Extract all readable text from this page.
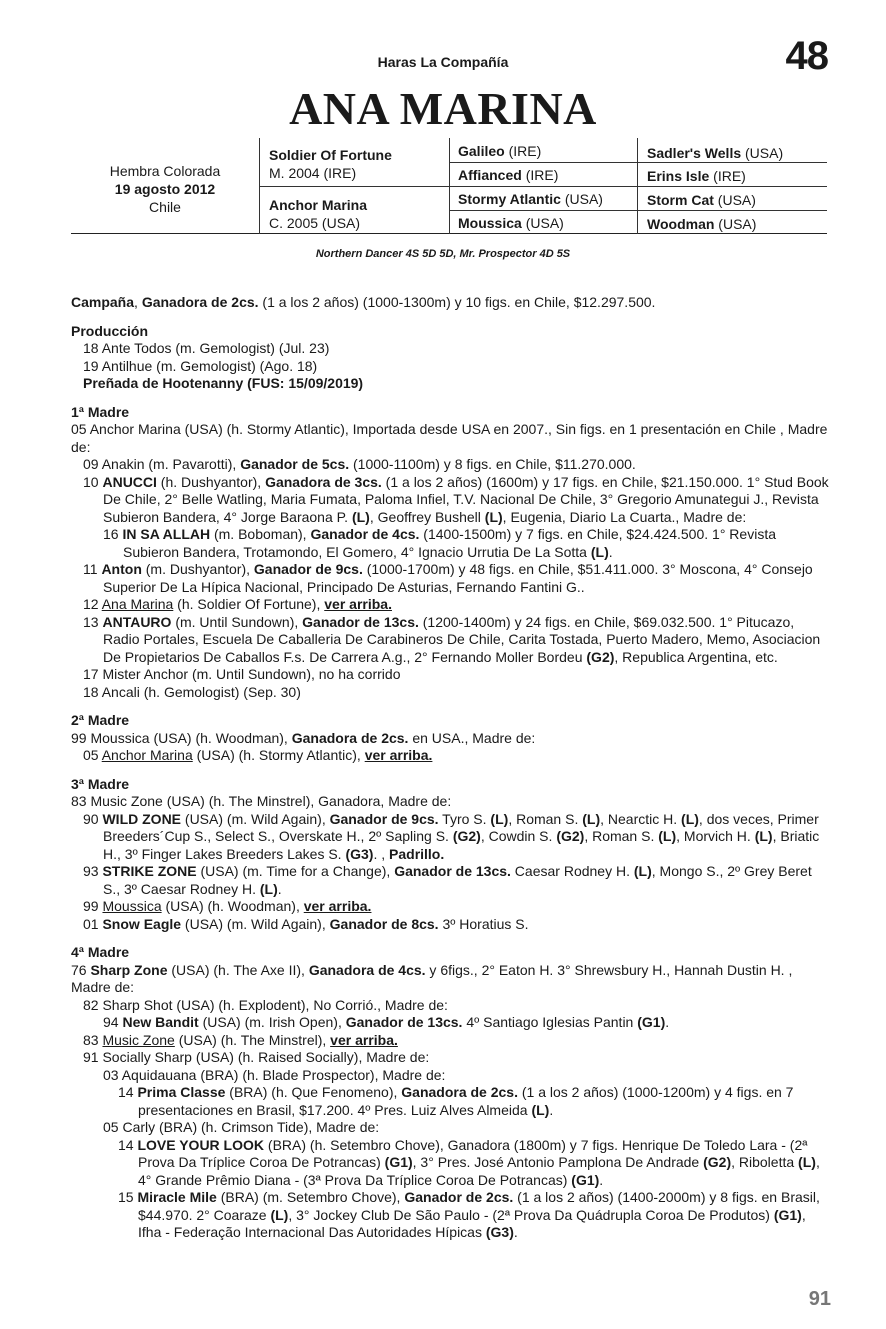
Haras La Compañía	48
ANA MARINA
Hembra Colorada
19 agosto 2012
Chile
Soldier Of Fortune
M. 2004 (IRE)
Anchor Marina
C. 2005 (USA)
Galileo (IRE)
Affianced (IRE)
Stormy Atlantic (USA)
Moussica (USA)
Sadler's Wells (USA)
Erins Isle (IRE)
Storm Cat (USA)
Woodman (USA)
Northern Dancer 4S 5D 5D, Mr. Prospector 4D 5S

Campaña, Ganadora de 2cs. (1 a los 2 años) (1000-1300m) y 10 figs. en Chile, $12.297.500.

Producción

18 Ante Todos (m. Gemologist) (Jul. 23)

19 Antilhue (m. Gemologist) (Ago. 18)

Preñada de Hootenanny (FUS: 15/09/2019)

1ª Madre

05 Anchor Marina (USA) (h. Stormy Atlantic), Importada desde USA en 2007., Sin figs. en 1 presentación en Chile , Madre de:

09 Anakin (m. Pavarotti), Ganador de 5cs. (1000-1100m) y 8 figs. en Chile, $11.270.000.

10 ANUCCI (h. Dushyantor), Ganadora de 3cs. (1 a los 2 años) (1600m) y 17 figs. en Chile, $21.150.000. 1° Stud Book De Chile, 2° Belle Watling, Maria Fumata, Paloma Infiel, T.V. Nacional De Chile, 3° Gregorio Amunategui J., Revista Subieron Bandera, 4° Jorge Baraona P. (L), Geoffrey Bushell (L), Eugenia, Diario La Cuarta., Madre de:

16 IN SA ALLAH (m. Boboman), Ganador de 4cs. (1400-1500m) y 7 figs. en Chile, $24.424.500. 1° Revista Subieron Bandera, Trotamondo, El Gomero, 4° Ignacio Urrutia De La Sotta (L).

11 Anton (m. Dushyantor), Ganador de 9cs. (1000-1700m) y 48 figs. en Chile, $51.411.000. 3° Moscona, 4° Consejo Superior De La Hípica Nacional, Principado De Asturias, Fernando Fantini G..

12 Ana Marina (h. Soldier Of Fortune), ver arriba.

13 ANTAURO (m. Until Sundown), Ganador de 13cs. (1200-1400m) y 24 figs. en Chile, $69.032.500. 1° Pitucazo, Radio Portales, Escuela De Caballeria De Carabineros De Chile, Carita Tostada, Puerto Madero, Memo, Asociacion De Propietarios De Caballos F.s. De Carrera A.g., 2° Fernando Moller Bordeu (G2), Republica Argentina, etc.

17 Mister Anchor (m. Until Sundown), no ha corrido

18 Ancali (h. Gemologist) (Sep. 30)

2ª Madre

99 Moussica (USA) (h. Woodman), Ganadora de 2cs. en USA., Madre de:

05 Anchor Marina (USA) (h. Stormy Atlantic), ver arriba.

3ª Madre

83 Music Zone (USA) (h. The Minstrel), Ganadora, Madre de:

90 WILD ZONE (USA) (m. Wild Again), Ganador de 9cs. Tyro S. (L), Roman S. (L), Nearctic H. (L), dos veces, Primer Breeders´Cup S., Select S., Overskate H., 2º Sapling S. (G2), Cowdin S. (G2), Roman S. (L), Morvich H. (L), Briatic H., 3º Finger Lakes Breeders Lakes S. (G3). , Padrillo.

93 STRIKE ZONE (USA) (m. Time for a Change), Ganador de 13cs. Caesar Rodney H. (L), Mongo S., 2º Grey Beret S., 3º Caesar Rodney H. (L).

99 Moussica (USA) (h. Woodman), ver arriba.

01 Snow Eagle (USA) (m. Wild Again), Ganador de 8cs. 3º Horatius S.

4ª Madre

76 Sharp Zone (USA) (h. The Axe II), Ganadora de 4cs. y 6figs., 2° Eaton H. 3° Shrewsbury H., Hannah Dustin H. , Madre de:

82 Sharp Shot (USA) (h. Explodent), No Corrió., Madre de:

94 New Bandit (USA) (m. Irish Open), Ganador de 13cs. 4º Santiago Iglesias Pantin (G1).

83 Music Zone (USA) (h. The Minstrel), ver arriba.

91 Socially Sharp (USA) (h. Raised Socially), Madre de:

03 Aquidauana (BRA) (h. Blade Prospector), Madre de:

14 Prima Classe (BRA) (h. Que Fenomeno), Ganadora de 2cs. (1 a los 2 años) (1000-1200m) y 4 figs. en 7 presentaciones en Brasil, $17.200. 4º Pres. Luiz Alves Almeida (L).

05 Carly (BRA) (h. Crimson Tide), Madre de:

14 LOVE YOUR LOOK (BRA) (h. Setembro Chove), Ganadora (1800m) y 7 figs. Henrique De Toledo Lara - (2ª Prova Da Tríplice Coroa De Potrancas) (G1), 3° Pres. José Antonio Pamplona De Andrade (G2), Riboletta (L), 4° Grande Prêmio Diana - (3ª Prova Da Tríplice Coroa De Potrancas) (G1).

15 Miracle Mile (BRA) (m. Setembro Chove), Ganador de 2cs. (1 a los 2 años) (1400-2000m) y 8 figs. en Brasil, $44.970. 2° Coaraze (L), 3° Jockey Club De São Paulo - (2ª Prova Da Quádrupla Coroa De Produtos) (G1), Ifha - Federação Internacional Das Autoridades Hípicas (G3).

91
